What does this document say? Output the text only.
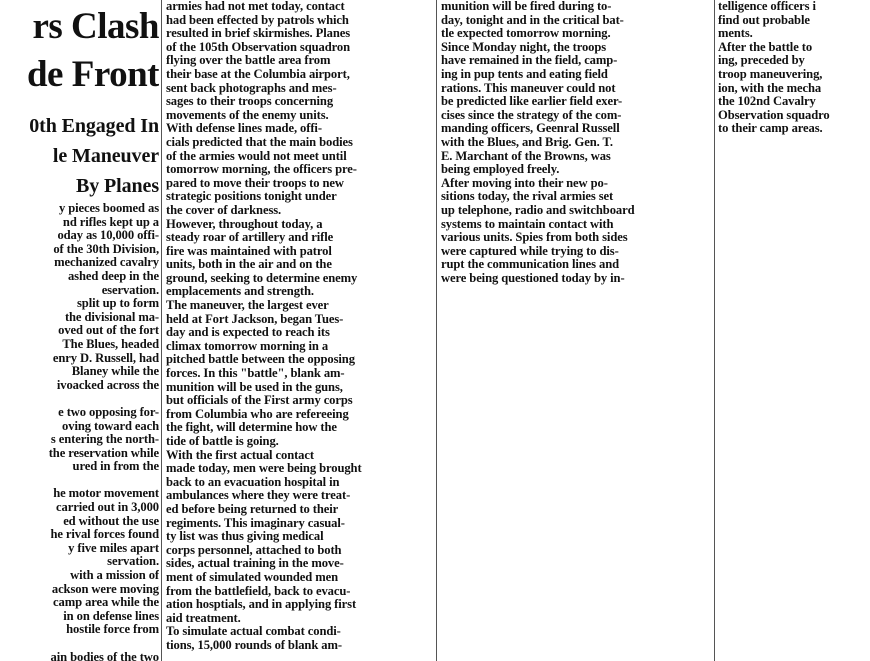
rs Clash
de Front
0th Engaged In
le Maneuver
By Planes
y pieces boomed as
nd rifles kept up a
oday as 10,000 offi-
of the 30th Division,
mechanized cavalry
ashed deep in the
eservation.
split up to form
the divisional ma-
oved out of the fort
The Blues, headed
enry D. Russell, had
Blaney while the
ivoacked across the
e two opposing for-
oving toward each
s entering the north-
the reservation while
ured in from the
he motor movement
carried out in 3,000
ed without the use
he rival forces found
y five miles apart
servation.
with a mission of
ackson were moving
camp area while the
in on defense lines
hostile force from
ain bodies of the two
armies had not met today, contact
had been effected by patrols which
resulted in brief skirmishes. Planes
of the 105th Observation squadron
flying over the battle area from
their base at the Columbia airport,
sent back photographs and mes-
sages to their troops concerning
movements of the enemy units.
With defense lines made, offi-
cials predicted that the main bodies
of the armies would not meet until
tomorrow morning, the officers pre-
pared to move their troops to new
strategic positions tonight under
the cover of darkness.
However, throughout today, a
steady roar of artillery and rifle
fire was maintained with patrol
units, both in the air and on the
ground, seeking to determine enemy
emplacements and strength.
The maneuver, the largest ever
held at Fort Jackson, began Tues-
day and is expected to reach its
climax tomorrow morning in a
pitched battle between the opposing
forces. In this "battle", blank am-
munition will be used in the guns,
but officials of the First army corps
from Columbia who are refereeing
the fight, will determine how the
tide of battle is going.
With the first actual contact
made today, men were being brought
back to an evacuation hospital in
ambulances where they were treat-
ed before being returned to their
regiments. This imaginary casual-
ty list was thus giving medical
corps personnel, attached to both
sides, actual training in the move-
ment of simulated wounded men
from the battlefield, back to evacu-
ation hosptials, and in applying first
aid treatment.
To simulate actual combat condi-
tions, 15,000 rounds of blank am-
munition will be fired during to-
day, tonight and in the critical bat-
tle expected tomorrow morning.
Since Monday night, the troops
have remained in the field, camp-
ing in pup tents and eating field
rations. This maneuver could not
be predicted like earlier field exer-
cises since the strategy of the com-
manding officers, Geenral Russell
with the Blues, and Brig. Gen. T.
E. Marchant of the Browns, was
being employed freely.
After moving into their new po-
sitions today, the rival armies set
up telephone, radio and switchboard
systems to maintain contact with
various units. Spies from both sides
were captured while trying to dis-
rupt the communication lines and
were being questioned today by in-
telligence officers i
find out probable
ments.
After the battle to
ing, preceded by
troop maneuvering,
ion, with the mecha
the 102nd Cavalry
Observation squadro
to their camp areas.
